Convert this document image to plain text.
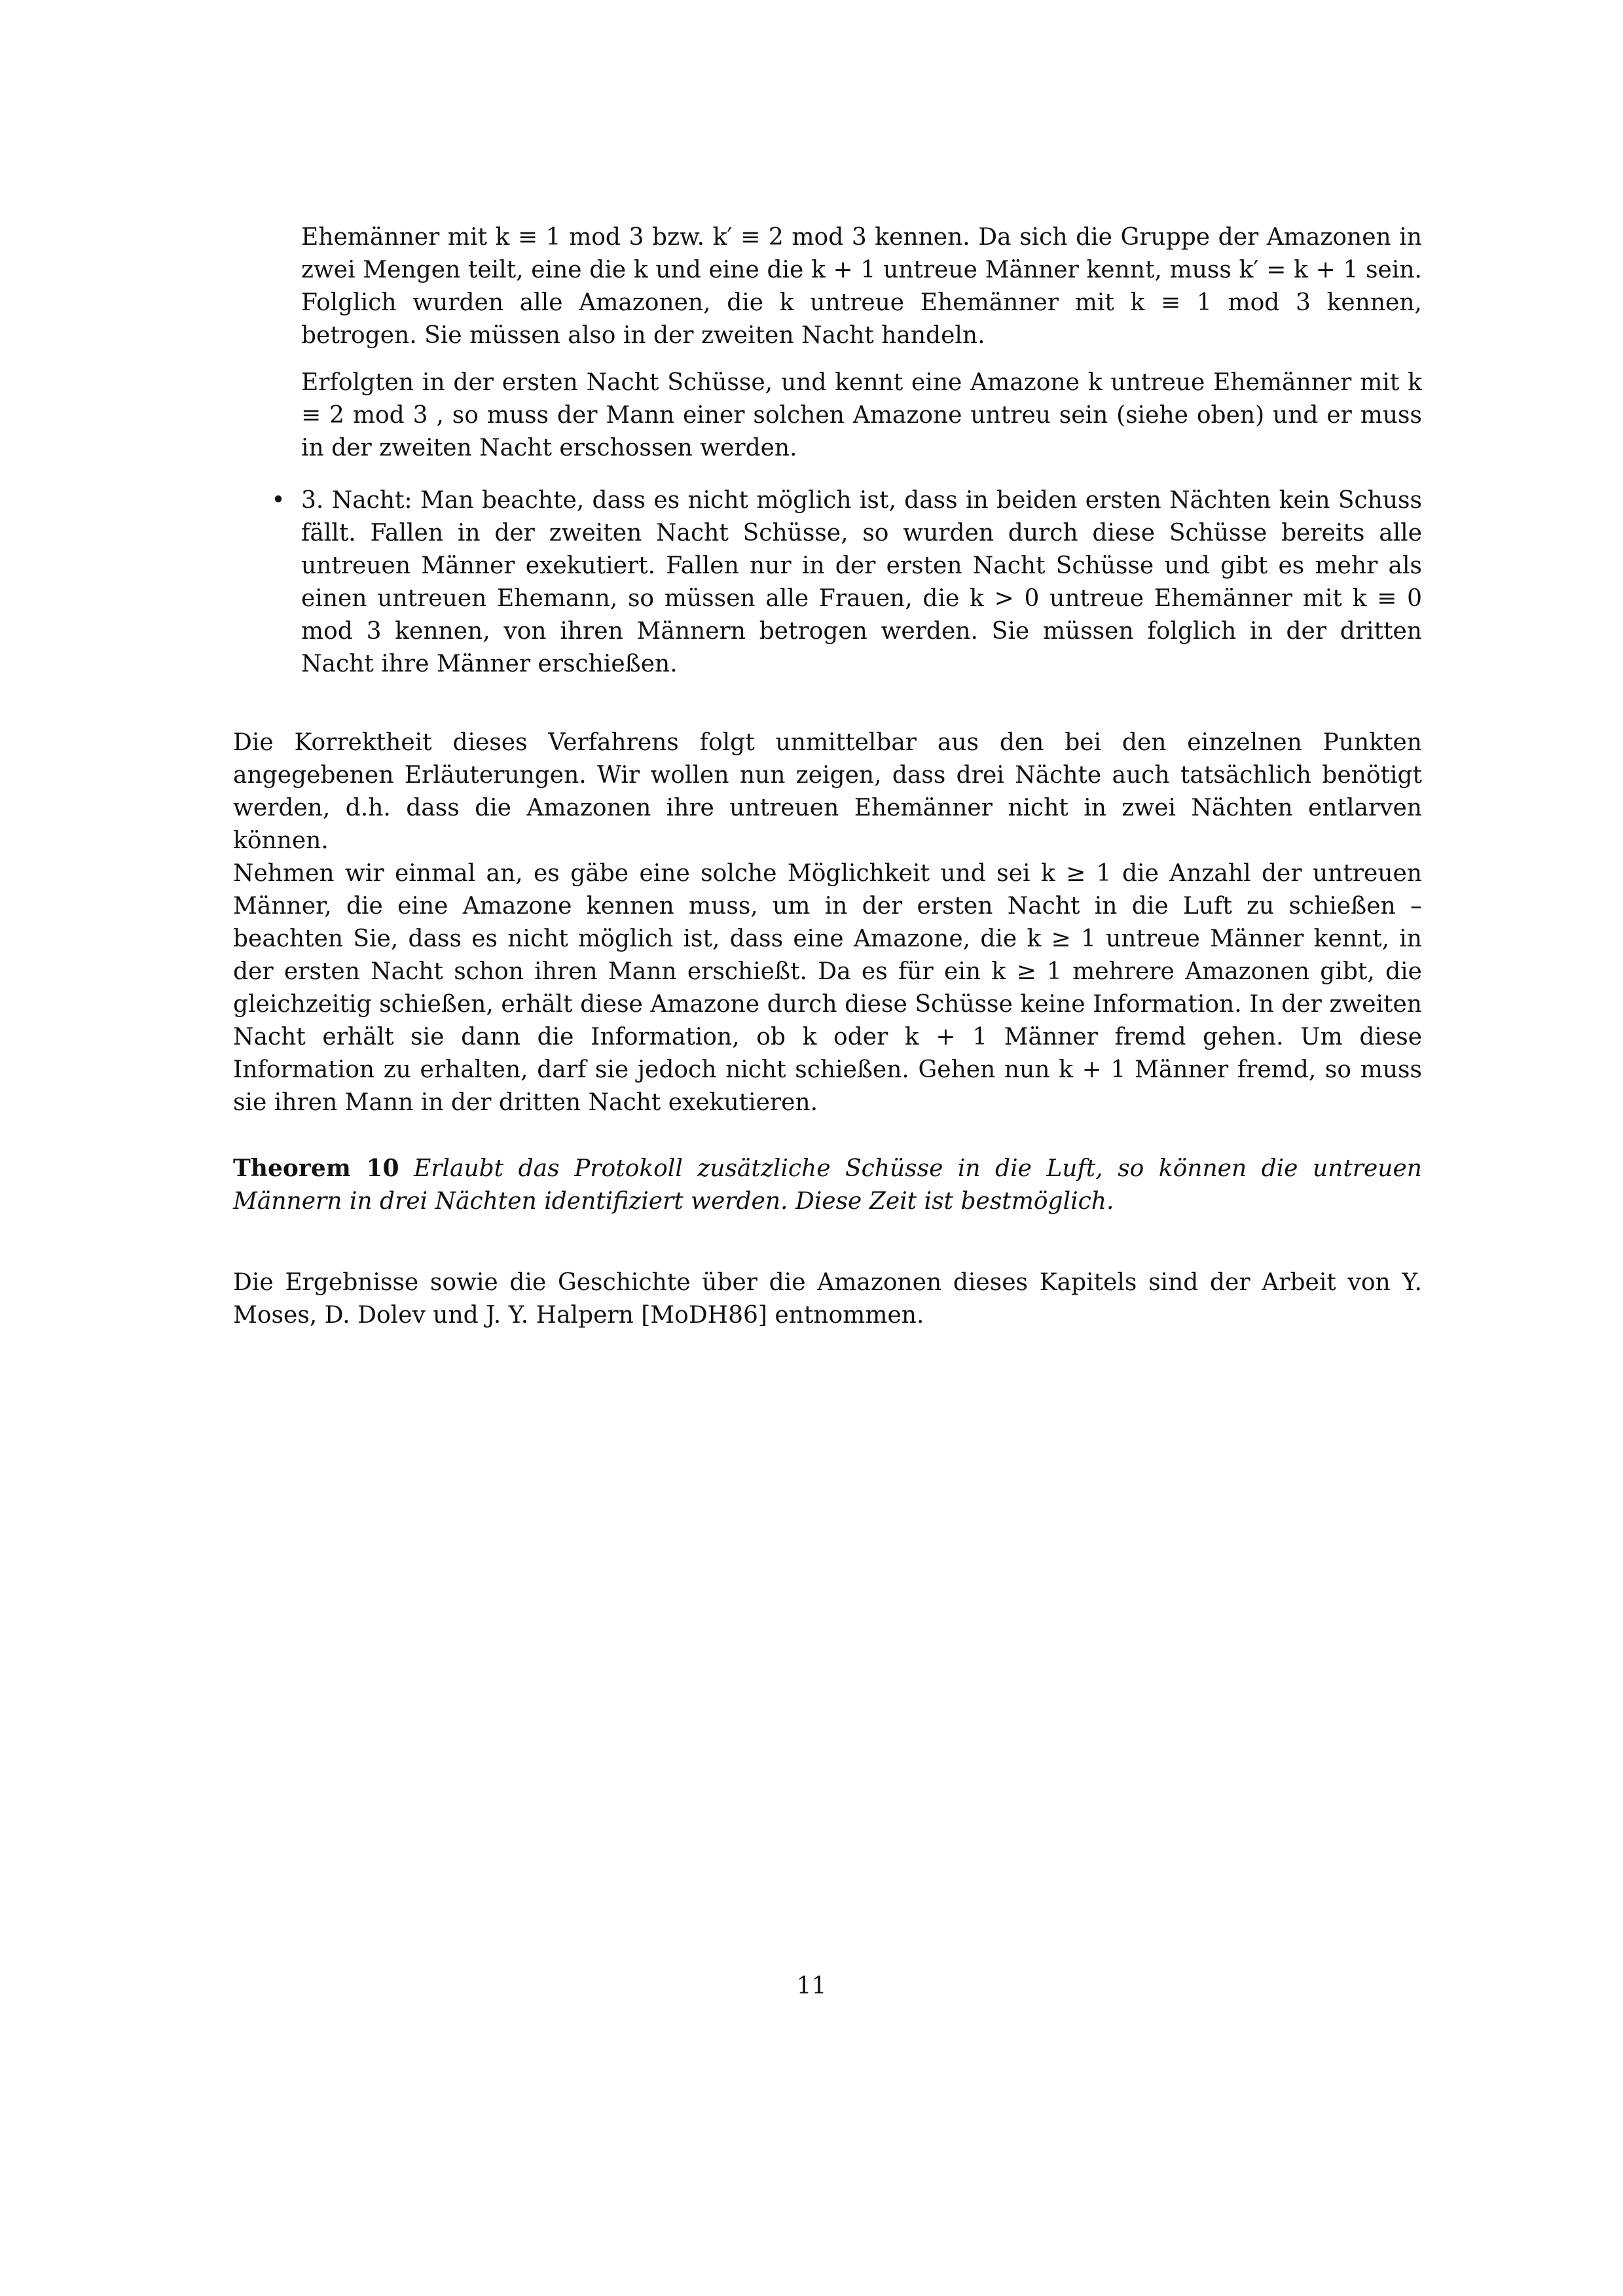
Ehemänner mit k ≡ 1 mod 3 bzw. k′ ≡ 2 mod 3 kennen. Da sich die Gruppe der Amazonen in zwei Mengen teilt, eine die k und eine die k + 1 untreue Männer kennt, muss k′ = k + 1 sein. Folglich wurden alle Amazonen, die k untreue Ehemänner mit k ≡ 1 mod 3 kennen, betrogen. Sie müssen also in der zweiten Nacht handeln.

Erfolgten in der ersten Nacht Schüsse, und kennt eine Amazone k untreue Ehemänner mit k ≡ 2 mod 3 , so muss der Mann einer solchen Amazone untreu sein (siehe oben) und er muss in der zweiten Nacht erschossen werden.

• 3. Nacht: Man beachte, dass es nicht möglich ist, dass in beiden ersten Nächten kein Schuss fällt. Fallen in der zweiten Nacht Schüsse, so wurden durch diese Schüsse bereits alle untreuen Männer exekutiert. Fallen nur in der ersten Nacht Schüsse und gibt es mehr als einen untreuen Ehemann, so müssen alle Frauen, die k > 0 untreue Ehemänner mit k ≡ 0 mod 3 kennen, von ihren Männern betrogen werden. Sie müssen folglich in der dritten Nacht ihre Männer erschießen.

Die Korrektheit dieses Verfahrens folgt unmittelbar aus den bei den einzelnen Punkten angegebenen Erläuterungen. Wir wollen nun zeigen, dass drei Nächte auch tatsächlich benötigt werden, d.h. dass die Amazonen ihre untreuen Ehemänner nicht in zwei Nächten entlarven können.

Nehmen wir einmal an, es gäbe eine solche Möglichkeit und sei k ≥ 1 die Anzahl der untreuen Männer, die eine Amazone kennen muss, um in der ersten Nacht in die Luft zu schießen – beachten Sie, dass es nicht möglich ist, dass eine Amazone, die k ≥ 1 untreue Männer kennt, in der ersten Nacht schon ihren Mann erschießt. Da es für ein k ≥ 1 mehrere Amazonen gibt, die gleichzeitig schießen, erhält diese Amazone durch diese Schüsse keine Information. In der zweiten Nacht erhält sie dann die Information, ob k oder k + 1 Männer fremd gehen. Um diese Information zu erhalten, darf sie jedoch nicht schießen. Gehen nun k + 1 Männer fremd, so muss sie ihren Mann in der dritten Nacht exekutieren.

Theorem 10 Erlaubt das Protokoll zusätzliche Schüsse in die Luft, so können die untreuen Männern in drei Nächten identifiziert werden. Diese Zeit ist bestmöglich.

Die Ergebnisse sowie die Geschichte über die Amazonen dieses Kapitels sind der Arbeit von Y. Moses, D. Dolev und J. Y. Halpern [MoDH86] entnommen.

11
